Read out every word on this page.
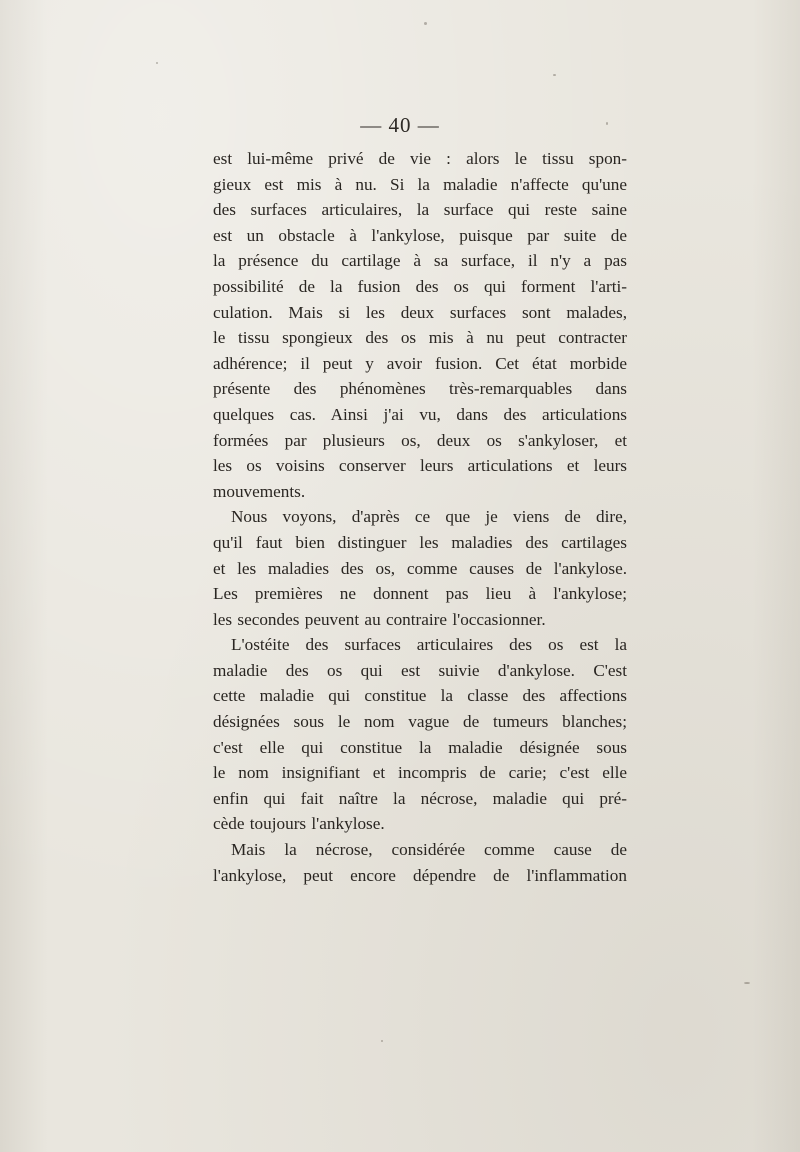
— 40 —
est lui-même privé de vie : alors le tissu spon-
gieux est mis à nu. Si la maladie n'affecte qu'une
des surfaces articulaires, la surface qui reste saine
est un obstacle à l'ankylose, puisque par suite de
la présence du cartilage à sa surface, il n'y a pas
possibilité de la fusion des os qui forment l'arti-
culation. Mais si les deux surfaces sont malades,
le tissu spongieux des os mis à nu peut contracter
adhérence; il peut y avoir fusion. Cet état morbide
présente des phénomènes très-remarquables dans
quelques cas. Ainsi j'ai vu, dans des articulations
formées par plusieurs os, deux os s'ankyloser, et
les os voisins conserver leurs articulations et leurs
mouvements.
Nous voyons, d'après ce que je viens de dire,
qu'il faut bien distinguer les maladies des cartilages
et les maladies des os, comme causes de l'ankylose.
Les premières ne donnent pas lieu à l'ankylose;
les secondes peuvent au contraire l'occasionner.
L'ostéite des surfaces articulaires des os est la
maladie des os qui est suivie d'ankylose. C'est
cette maladie qui constitue la classe des affections
désignées sous le nom vague de tumeurs blanches;
c'est elle qui constitue la maladie désignée sous
le nom insignifiant et incompris de carie; c'est elle
enfin qui fait naître la nécrose, maladie qui pré-
cède toujours l'ankylose.
Mais la nécrose, considérée comme cause de
l'ankylose, peut encore dépendre de l'inflammation
